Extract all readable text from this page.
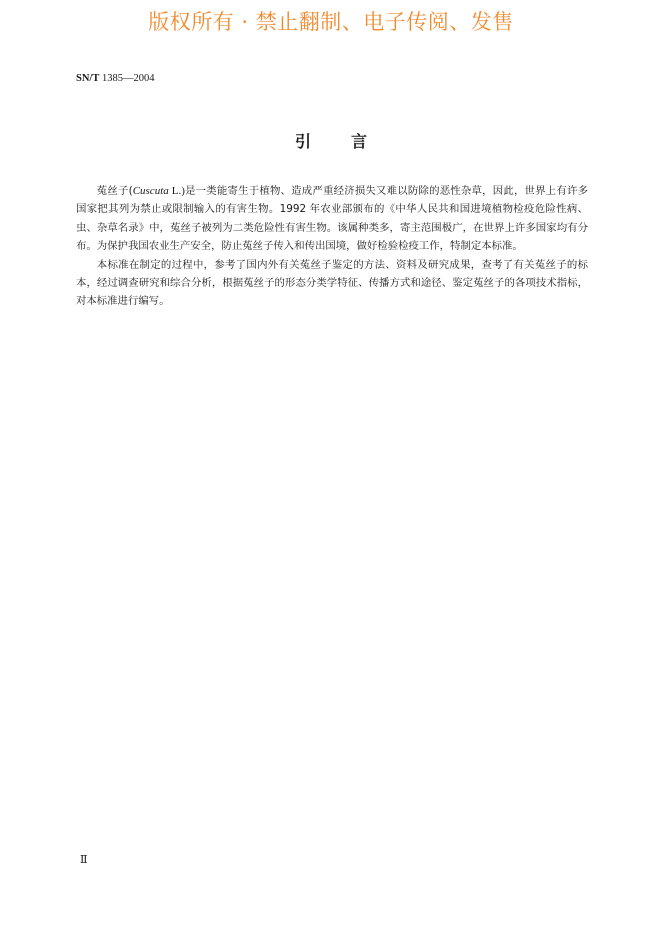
版权所有 · 禁止翻制、电子传阅、发售
SN/T 1385—2004
引言

菟丝子(Cuscuta L.)是一类能寄生于植物、造成严重经济损失又难以防除的恶性杂草，因此，世界上有许多国家把其列为禁止或限制输入的有害生物。1992 年农业部颁布的《中华人民共和国进境植物检疫危险性病、虫、杂草名录》中，菟丝子被列为二类危险性有害生物。该属种类多，寄主范围极广，在世界上许多国家均有分布。为保护我国农业生产安全，防止菟丝子传入和传出国境，做好检验检疫工作，特制定本标准。

本标准在制定的过程中，参考了国内外有关菟丝子鉴定的方法、资料及研究成果，查考了有关菟丝子的标本，经过调查研究和综合分析，根据菟丝子的形态分类学特征、传播方式和途径、鉴定菟丝子的各项技术指标，对本标准进行编写。

Ⅱ
